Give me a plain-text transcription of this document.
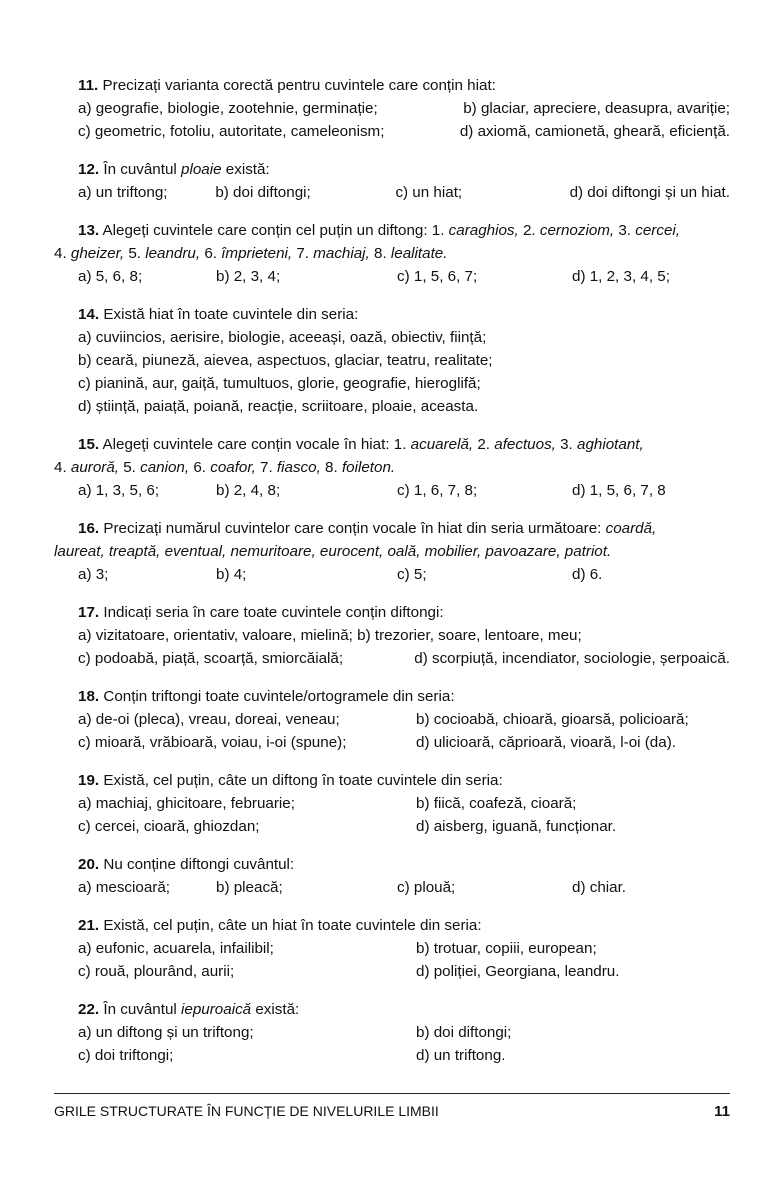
11. Precizați varianta corectă pentru cuvintele care conțin hiat:
a) geografie, biologie, zootehnie, germinație;	b) glaciar, apreciere, deasupra, avariție;
c) geometric, fotoliu, autoritate, cameleonism;	d) axiomă, camionetă, gheară, eficiență.
12. În cuvântul ploaie există:
a) un triftong;	b) doi diftongi;	c) un hiat;	d) doi diftongi și un hiat.
13. Alegeți cuvintele care conțin cel puțin un diftong: 1. caraghios, 2. cernoziom, 3. cercei,
4. gheizer, 5. leandru, 6. împrieteni, 7. machiaj, 8. lealitate.
a) 5, 6, 8;	b) 2, 3, 4;	c) 1, 5, 6, 7;	d) 1, 2, 3, 4, 5;
14. Există hiat în toate cuvintele din seria:
a) cuviincios, aerisire, biologie, aceeași, oază, obiectiv, ființă;
b) ceară, piuneză, aievea, aspectuos, glaciar, teatru, realitate;
c) pianină, aur, gaiță, tumultuos, glorie, geografie, hieroglifă;
d) știință, paiață, poiană, reacție, scriitoare, ploaie, aceasta.
15. Alegeți cuvintele care conțin vocale în hiat: 1. acuarelă, 2. afectuos, 3. aghiotant,
4. auroră, 5. canion, 6. coafor, 7. fiasco, 8. foileton.
a) 1, 3, 5, 6;	b) 2, 4, 8;	c) 1, 6, 7, 8;	d) 1, 5, 6, 7, 8
16. Precizați numărul cuvintelor care conțin vocale în hiat din seria următoare: coardă,
laureat, treaptă, eventual, nemuritoare, eurocent, oală, mobilier, pavoazare, patriot.
a) 3;	b) 4;	c) 5;	d) 6.
17. Indicați seria în care toate cuvintele conțin diftongi:
a) vizitatoare, orientativ, valoare, mielină; b) trezorier, soare, lentoare, meu;
c) podoabă, piață, scoarță, smiorcăială;	d) scorpiuță, incendiator, sociologie, șerpoaică.
18. Conțin triftongi toate cuvintele/ortogramele din seria:
a) de-oi (pleca), vreau, doreai, veneau;	b) cocioabă, chioară, gioarsă, policioară;
c) mioară, vrăbioară, voiau, i-oi (spune);	d) ulicioară, căprioară, vioară, l-oi (da).
19. Există, cel puțin, câte un diftong în toate cuvintele din seria:
a) machiaj, ghicitoare, februarie;	b) fiică, coafeză, cioară;
c) cercei, cioară, ghiozdan;	d) aisberg, iguană, funcționar.
20. Nu conține diftongi cuvântul:
a) mescioară;	b) pleacă;	c) plouă;	d) chiar.
21. Există, cel puțin, câte un hiat în toate cuvintele din seria:
a) eufonic, acuarela, infailibil;	b) trotuar, copiii, european;
c) rouă, plourând, aurii;	d) poliției, Georgiana, leandru.
22. În cuvântul iepuroaică există:
a) un diftong și un triftong;	b) doi diftongi;
c) doi triftongi;	d) un triftong.
GRILE STRUCTURATE ÎN FUNCȚIE DE NIVELURILE LIMBII	11
